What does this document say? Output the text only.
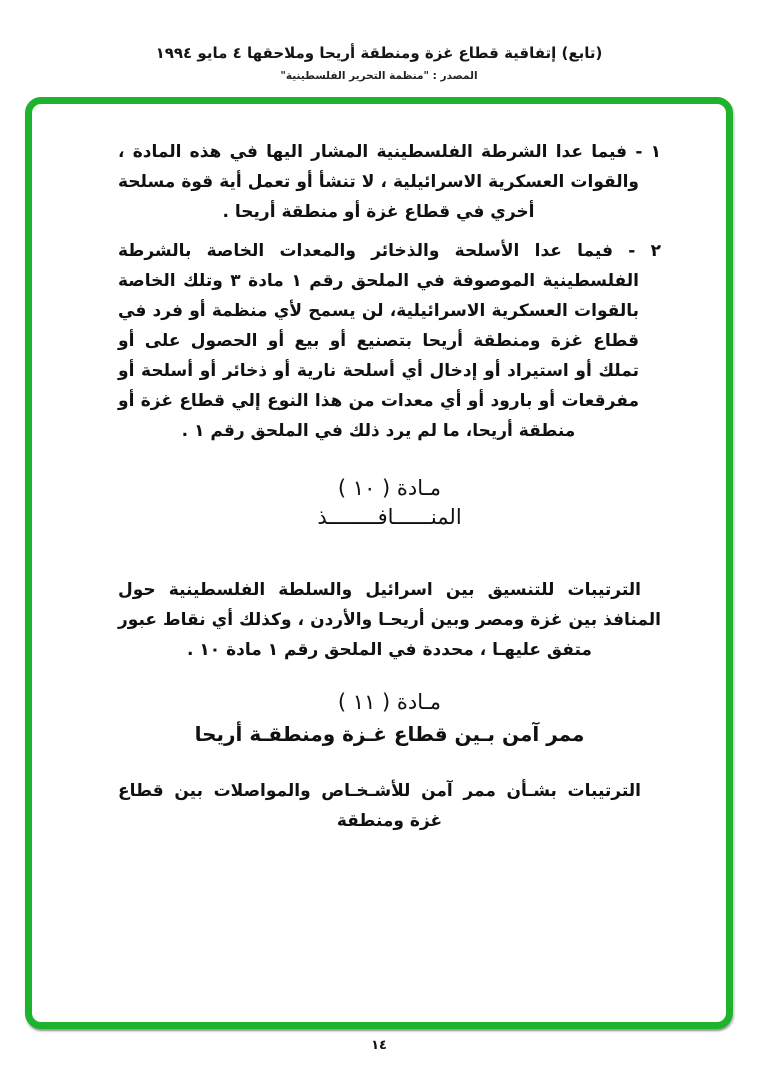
(تابع) إتفاقية قطاع غزة ومنطقة أريحا وملاحقها ٤ مايو ١٩٩٤
المصدر : "منظمة التحرير الفلسطينية"

١ - فيما عدا الشرطة الفلسطينية المشار اليها في هذه المادة ، والقوات العسكرية الاسرائيلية ، لا تنشأ أو تعمل أية قوة مسلحة أخري في قطاع غزة أو منطقة أريحا .

٢ - فيما عدا الأسلحة والذخائر والمعدات الخاصة بالشرطة الفلسطينية الموصوفة في الملحق رقم ١ مادة ٣ وتلك الخاصة بالقوات العسكرية الاسرائيلية، لن يسمح لأي منظمة أو فرد في قطاع غزة ومنطقة أريحا بتصنيع أو بيع أو الحصول على أو تملك أو استيراد أو إدخال أي أسلحة نارية أو ذخائر أو أسلحة أو مفرقعات أو بارود أو أي معدات من هذا النوع إلي قطاع غزة أو منطقة أريحا، ما لم يرد ذلك في الملحق رقم ١ .

مـادة ( ١٠ )
المنــــــافــــــــذ

الترتيبات للتنسيق بين اسرائيل والسلطة الفلسطينية حول المنافذ بين غزة ومصر وبين أريحـا والأردن ، وكذلك أي نقاط عبور متفق عليهـا ، محددة في الملحق رقم ١ مادة ١٠ .

مـادة ( ١١ )
ممر آمن بـين قطاع غـزة ومنطقـة أريحا

الترتيبات بشـأن ممر آمن للأشـخـاص والمواصلات بين قطاع غزة ومنطقة

١٤
